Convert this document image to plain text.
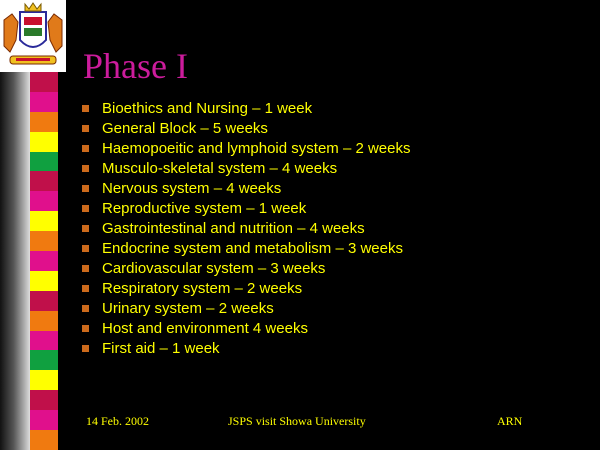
Phase I
Bioethics and Nursing – 1 week
General Block – 5 weeks
Haemopoeitic and lymphoid system – 2 weeks
Musculo-skeletal system – 4 weeks
Nervous system – 4 weeks
Reproductive system – 1 week
Gastrointestinal and nutrition – 4 weeks
Endocrine system and metabolism – 3 weeks
Cardiovascular system – 3 weeks
Respiratory system – 2 weeks
Urinary system – 2 weeks
Host and environment 4 weeks
First aid – 1 week
14 Feb. 2002	JSPS visit Showa University	ARN
